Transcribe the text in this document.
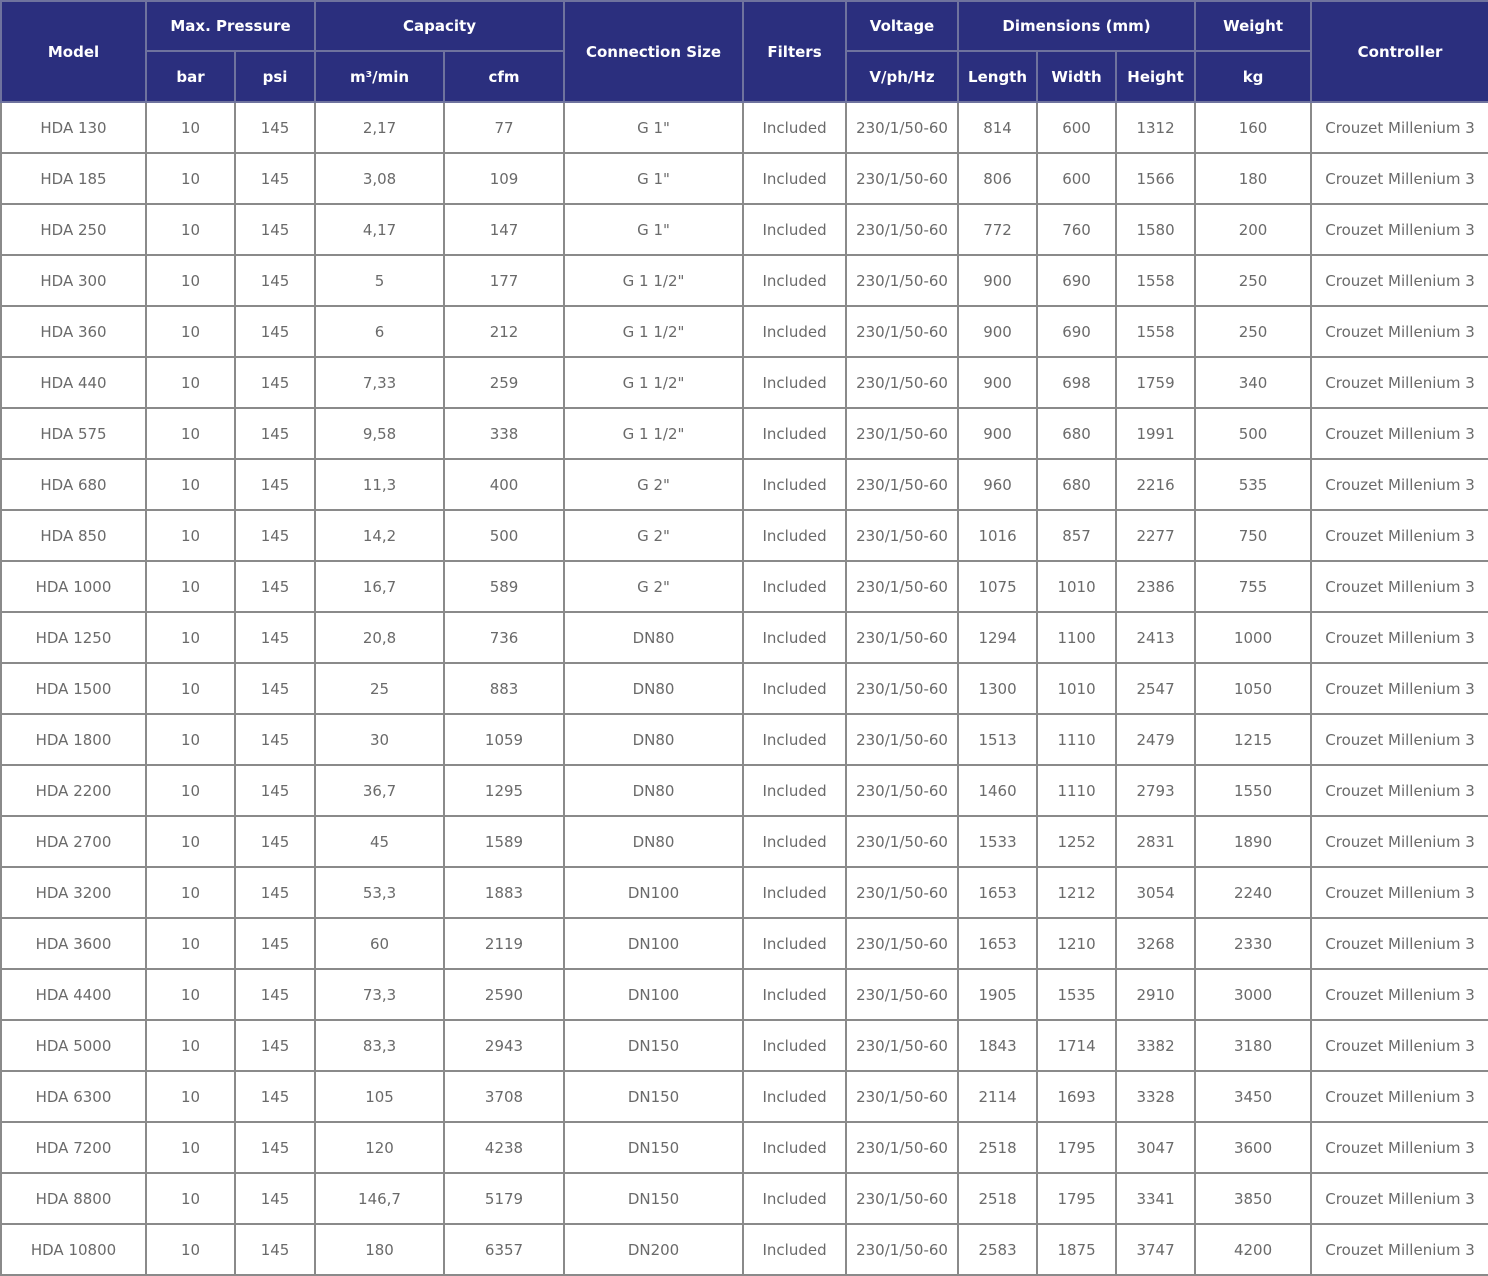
Model	Max. Pressure		Capacity		Connection Size	Filters	Voltage	Dimensions (mm)			Weight	Controller
	bar	psi	m³/min	cfm			V/ph/Hz	Length	Width	Height	kg	
HDA 130	10	145	2,17	77	G 1"	Included	230/1/50-60	814	600	1312	160	Crouzet Millenium 3
HDA 185	10	145	3,08	109	G 1"	Included	230/1/50-60	806	600	1566	180	Crouzet Millenium 3
HDA 250	10	145	4,17	147	G 1"	Included	230/1/50-60	772	760	1580	200	Crouzet Millenium 3
HDA 300	10	145	5	177	G 1 1/2"	Included	230/1/50-60	900	690	1558	250	Crouzet Millenium 3
HDA 360	10	145	6	212	G 1 1/2"	Included	230/1/50-60	900	690	1558	250	Crouzet Millenium 3
HDA 440	10	145	7,33	259	G 1 1/2"	Included	230/1/50-60	900	698	1759	340	Crouzet Millenium 3
HDA 575	10	145	9,58	338	G 1 1/2"	Included	230/1/50-60	900	680	1991	500	Crouzet Millenium 3
HDA 680	10	145	11,3	400	G 2"	Included	230/1/50-60	960	680	2216	535	Crouzet Millenium 3
HDA 850	10	145	14,2	500	G 2"	Included	230/1/50-60	1016	857	2277	750	Crouzet Millenium 3
HDA 1000	10	145	16,7	589	G 2"	Included	230/1/50-60	1075	1010	2386	755	Crouzet Millenium 3
HDA 1250	10	145	20,8	736	DN80	Included	230/1/50-60	1294	1100	2413	1000	Crouzet Millenium 3
HDA 1500	10	145	25	883	DN80	Included	230/1/50-60	1300	1010	2547	1050	Crouzet Millenium 3
HDA 1800	10	145	30	1059	DN80	Included	230/1/50-60	1513	1110	2479	1215	Crouzet Millenium 3
HDA 2200	10	145	36,7	1295	DN80	Included	230/1/50-60	1460	1110	2793	1550	Crouzet Millenium 3
HDA 2700	10	145	45	1589	DN80	Included	230/1/50-60	1533	1252	2831	1890	Crouzet Millenium 3
HDA 3200	10	145	53,3	1883	DN100	Included	230/1/50-60	1653	1212	3054	2240	Crouzet Millenium 3
HDA 3600	10	145	60	2119	DN100	Included	230/1/50-60	1653	1210	3268	2330	Crouzet Millenium 3
HDA 4400	10	145	73,3	2590	DN100	Included	230/1/50-60	1905	1535	2910	3000	Crouzet Millenium 3
HDA 5000	10	145	83,3	2943	DN150	Included	230/1/50-60	1843	1714	3382	3180	Crouzet Millenium 3
HDA 6300	10	145	105	3708	DN150	Included	230/1/50-60	2114	1693	3328	3450	Crouzet Millenium 3
HDA 7200	10	145	120	4238	DN150	Included	230/1/50-60	2518	1795	3047	3600	Crouzet Millenium 3
HDA 8800	10	145	146,7	5179	DN150	Included	230/1/50-60	2518	1795	3341	3850	Crouzet Millenium 3
HDA 10800	10	145	180	6357	DN200	Included	230/1/50-60	2583	1875	3747	4200	Crouzet Millenium 3
